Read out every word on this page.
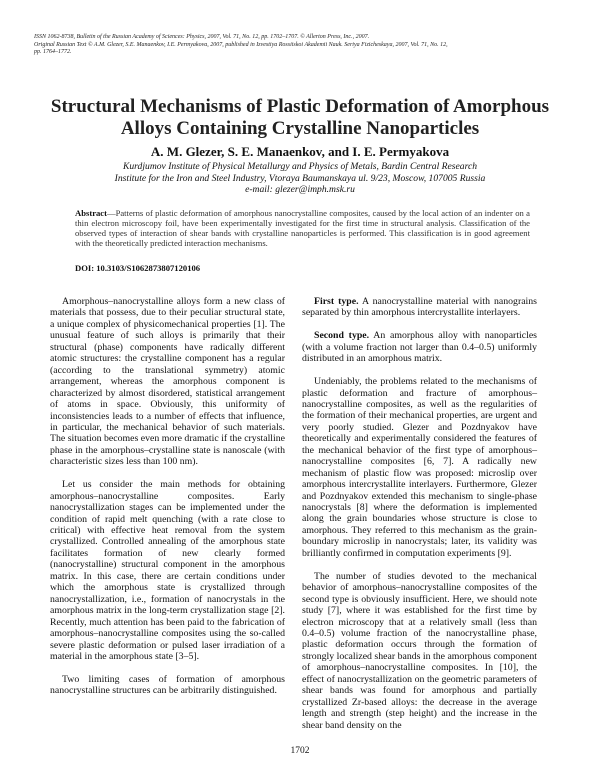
ISSN 1062-8738, Bulletin of the Russian Academy of Sciences: Physics, 2007, Vol. 71, No. 12, pp. 1702–1707. © Allerton Press, Inc., 2007.

Original Russian Text © A.M. Glezer, S.E. Manaenkov, I.E. Permyakova, 2007, published in Izvestiya Rossiiskoi Akademii Nauk. Seriya Fizicheskaya, 2007, Vol. 71, No. 12,

pp. 1764–1772.

Structural Mechanisms of Plastic Deformation of Amorphous Alloys Containing Crystalline Nanoparticles

A. M. Glezer, S. E. Manaenkov, and I. E. Permyakova

Kurdjumov Institute of Physical Metallurgy and Physics of Metals, Bardin Central Research

Institute for the Iron and Steel Industry, Vtoraya Baumanskaya ul. 9/23, Moscow, 107005 Russia

e-mail: glezer@imph.msk.ru

Abstract—Patterns of plastic deformation of amorphous nanocrystalline composites, caused by the local action of an indenter on a thin electron microscopy foil, have been experimentally investigated for the first time in structural analysis. Classification of the observed types of interaction of shear bands with crystalline nanoparticles is performed. This classification is in good agreement with the theoretically predicted interaction mechanisms.

DOI: 10.3103/S1062873807120106

Amorphous–nanocrystalline alloys form a new class of materials that possess, due to their peculiar structural state, a unique complex of physicomechanical properties [1]. The unusual feature of such alloys is primarily that their structural (phase) components have radically different atomic structures: the crystalline component has a regular (according to the translational symmetry) atomic arrangement, whereas the amorphous component is characterized by almost disordered, statistical arrangement of atoms in space. Obviously, this uniformity of inconsistencies leads to a number of effects that influence, in particular, the mechanical behavior of such materials. The situation becomes even more dramatic if the crystalline phase in the amorphous–crystalline state is nanoscale (with characteristic sizes less than 100 nm).

Let us consider the main methods for obtaining amorphous–nanocrystalline composites. Early nanocrystallization stages can be implemented under the condition of rapid melt quenching (with a rate close to critical) with effective heat removal from the system crystallized. Controlled annealing of the amorphous state facilitates formation of new clearly formed (nanocrystalline) structural component in the amorphous matrix. In this case, there are certain conditions under which the amorphous state is crystallized through nanocrystallization, i.e., formation of nanocrystals in the amorphous matrix in the long-term crystallization stage [2]. Recently, much attention has been paid to the fabrication of amorphous–nanocrystalline composites using the so-called severe plastic deformation or pulsed laser irradiation of a material in the amorphous state [3–5].

Two limiting cases of formation of amorphous nanocrystalline structures can be arbitrarily distinguished.

First type. A nanocrystalline material with nanograins separated by thin amorphous intercrystallite interlayers.

Second type. An amorphous alloy with nanoparticles (with a volume fraction not larger than 0.4–0.5) uniformly distributed in an amorphous matrix.

Undeniably, the problems related to the mechanisms of plastic deformation and fracture of amorphous–nanocrystalline composites, as well as the regularities of the formation of their mechanical properties, are urgent and very poorly studied. Glezer and Pozdnyakov have theoretically and experimentally considered the features of the mechanical behavior of the first type of amorphous–nanocrystalline composites [6, 7]. A radically new mechanism of plastic flow was proposed: microslip over amorphous intercrystallite interlayers. Furthermore, Glezer and Pozdnyakov extended this mechanism to single-phase nanocrystals [8] where the deformation is implemented along the grain boundaries whose structure is close to amorphous. They referred to this mechanism as the grain-boundary microslip in nanocrystals; later, its validity was brilliantly confirmed in computation experiments [9].

The number of studies devoted to the mechanical behavior of amorphous–nanocrystalline composites of the second type is obviously insufficient. Here, we should note study [7], where it was established for the first time by electron microscopy that at a relatively small (less than 0.4–0.5) volume fraction of the nanocrystalline phase, plastic deformation occurs through the formation of strongly localized shear bands in the amorphous component of amorphous–nanocrystalline composites. In [10], the effect of nanocrystallization on the geometric parameters of shear bands was found for amorphous and partially crystallized Zr-based alloys: the decrease in the average length and strength (step height) and the increase in the shear band density on the

1702
